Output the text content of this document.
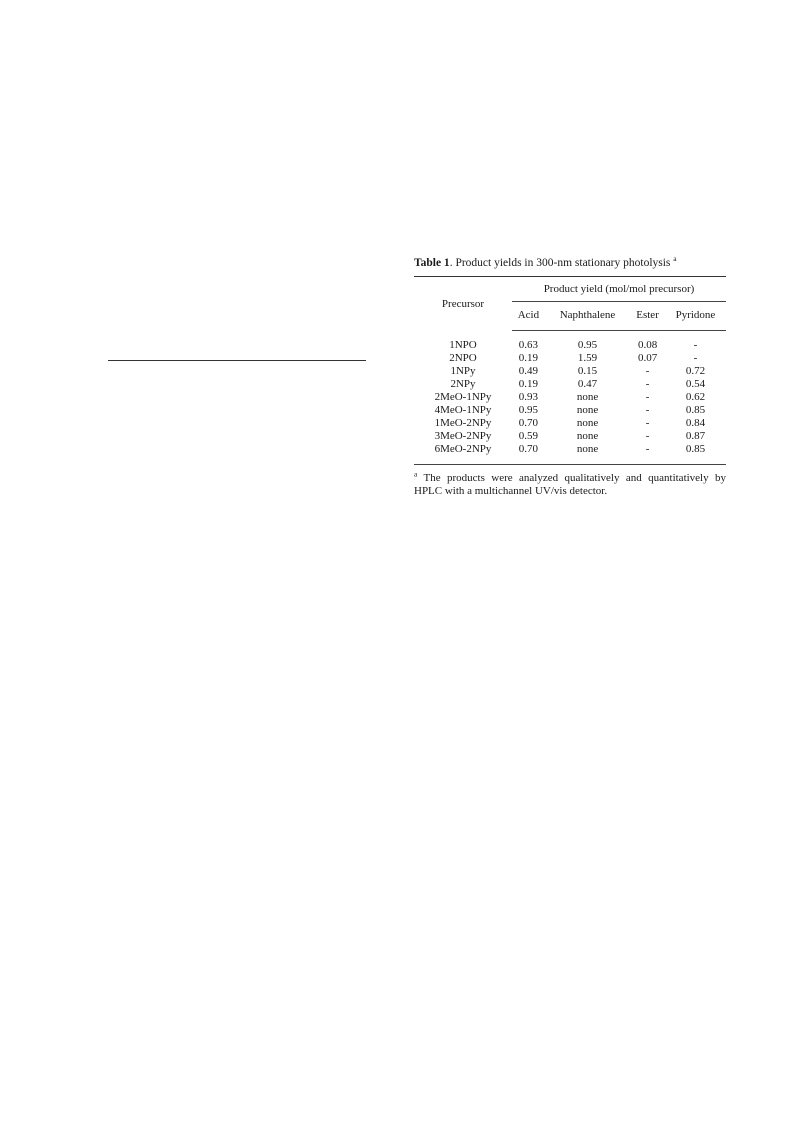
Table 1. Product yields in 300-nm stationary photolysis $^a$

Precursor	Product yield (mol/mol precursor)			
	Acid	Naphthalene	Ester	Pyridone
1NPO	0.63	0.95	0.08	-
2NPO	0.19	1.59	0.07	-
1NPy	0.49	0.15	-	0.72
2NPy	0.19	0.47	-	0.54
2MeO-1NPy	0.93	none	-	0.62
4MeO-1NPy	0.95	none	-	0.85
1MeO-2NPy	0.70	none	-	0.84
3MeO-2NPy	0.59	none	-	0.87
6MeO-2NPy	0.70	none	-	0.85

$^a$ The products were analyzed qualitatively and quantitatively by HPLC with a multichannel UV/vis detector.
